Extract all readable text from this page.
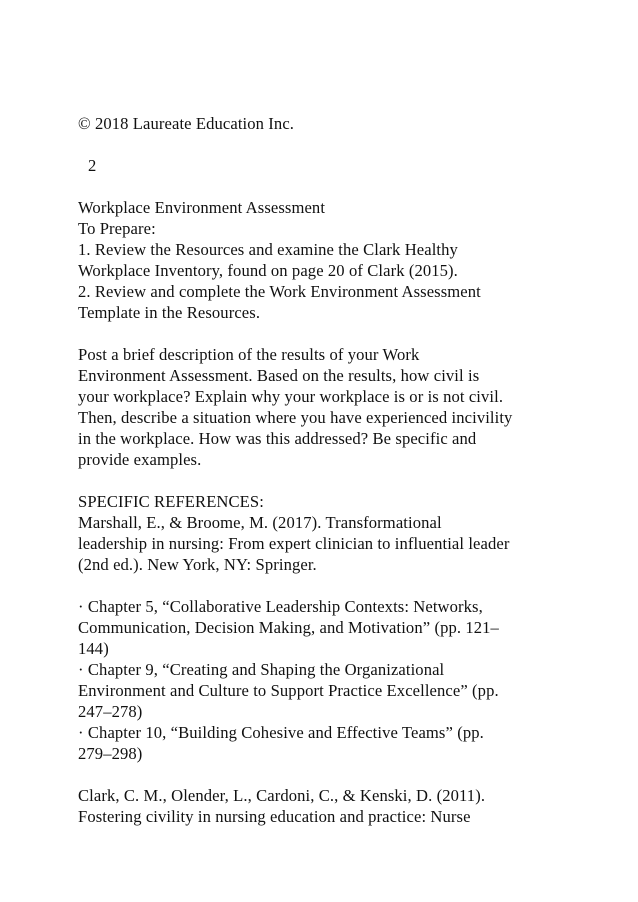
© 2018 Laureate Education Inc.
2
Workplace Environment Assessment
To Prepare:
1. Review the Resources and examine the Clark Healthy
Workplace Inventory, found on page 20 of Clark (2015).
2. Review and complete the Work Environment Assessment
Template in the Resources.
Post a brief description of the results of your Work
Environment Assessment. Based on the results, how civil is
your workplace? Explain why your workplace is or is not civil.
Then, describe a situation where you have experienced incivility
in the workplace. How was this addressed? Be specific and
provide examples.
SPECIFIC REFERENCES:
Marshall, E., & Broome, M. (2017). Transformational
leadership in nursing: From expert clinician to influential leader
(2nd ed.). New York, NY: Springer.
· Chapter 5, “Collaborative Leadership Contexts: Networks,
Communication, Decision Making, and Motivation” (pp. 121–
144)
· Chapter 9, “Creating and Shaping the Organizational
Environment and Culture to Support Practice Excellence” (pp.
247–278)
· Chapter 10, “Building Cohesive and Effective Teams” (pp.
279–298)
Clark, C. M., Olender, L., Cardoni, C., & Kenski, D. (2011).
Fostering civility in nursing education and practice: Nurse
